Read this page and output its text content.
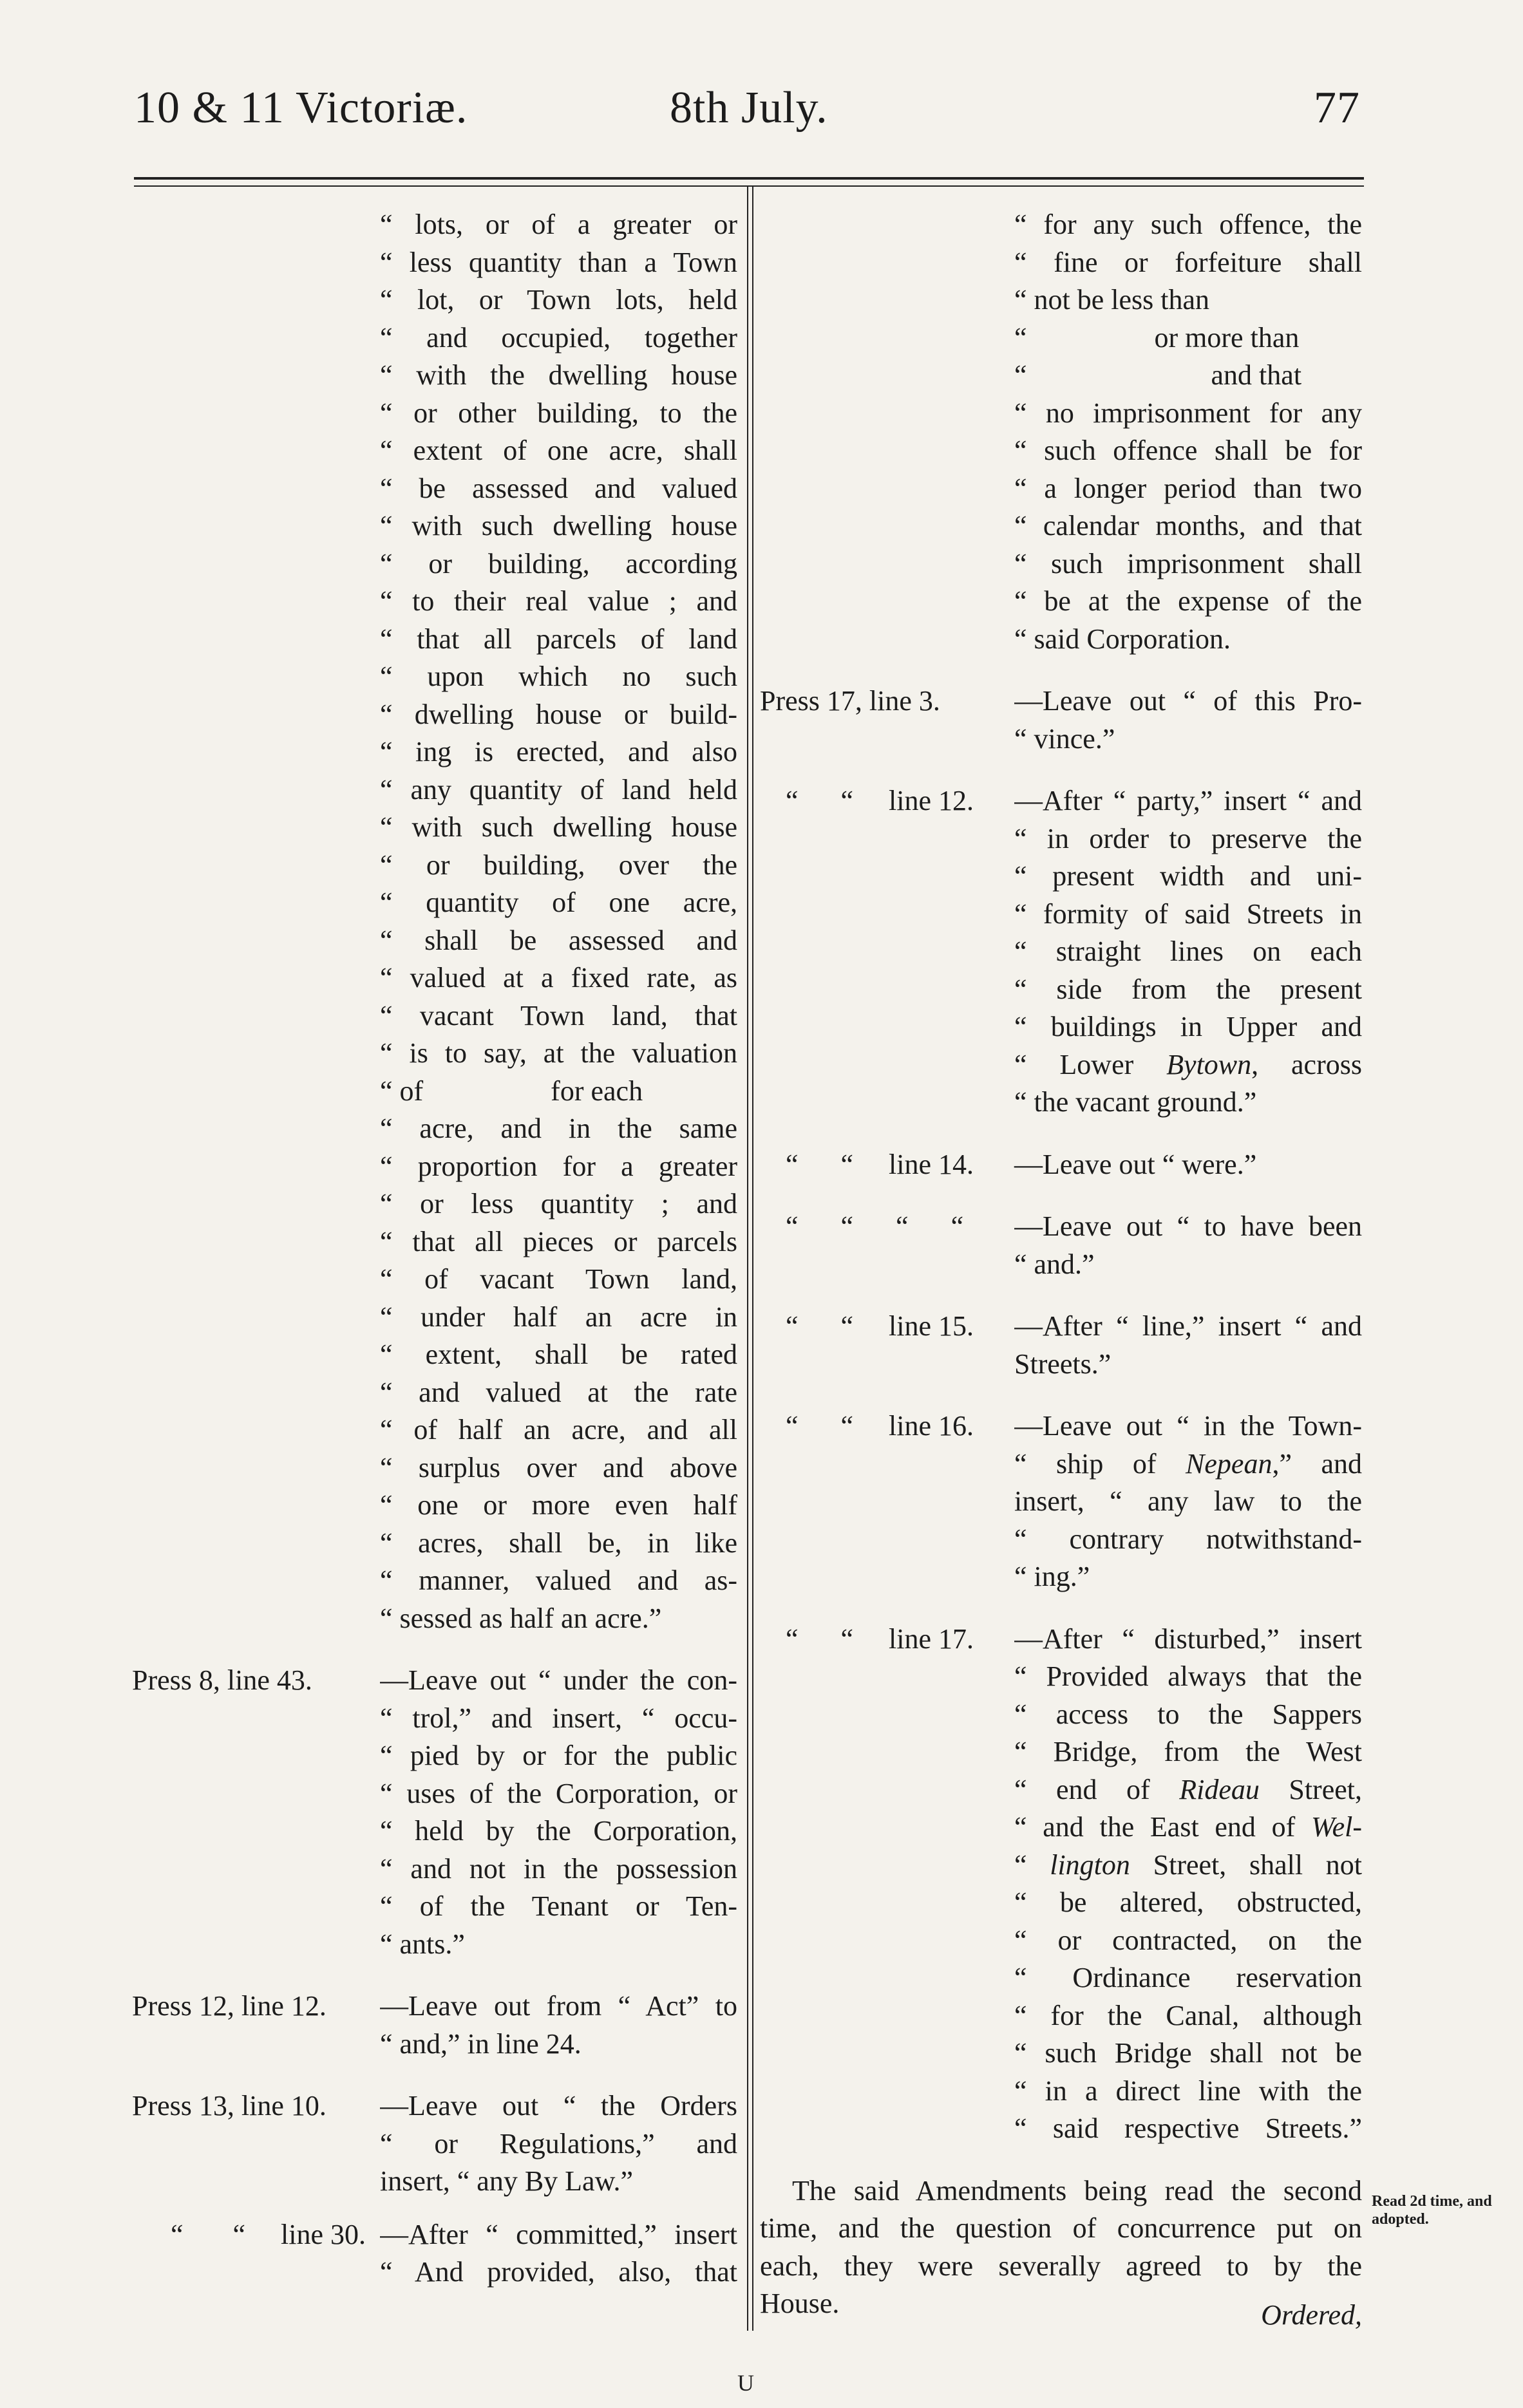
10 & 11 Victoriæ.	8th July.	77
“ lots, or of a greater or
“ less quantity than a Town
“ lot, or Town lots, held
“ and occupied, together
“ with the dwelling house
“ or other building, to the
“ extent of one acre, shall
“ be assessed and valued
“ with such dwelling house
“ or building, according
“ to their real value ; and
“ that all parcels of land
“ upon which no such
“ dwelling house or build-
“ ing is erected, and also
“ any quantity of land held
“ with such dwelling house
“ or building, over the
“ quantity of one acre,
“ shall be assessed and
“ valued at a fixed rate, as
“ vacant Town land, that
“ is to say, at the valuation
“ of                  for each
“ acre, and in the same
“ proportion for a greater
“ or less quantity ; and
“ that all pieces or parcels
“ of vacant Town land,
“ under half an acre in
“ extent, shall be rated
“ and valued at the rate
“ of half an acre, and all
“ surplus over and above
“ one or more even half
“ acres, shall be, in like
“ manner, valued and as-
“ sessed as half an acre.”
Press 8, line 43.	—Leave out “ under the con-
“ trol,” and insert, “ occu-
“ pied by or for the public
“ uses of the Corporation, or
“ held by the Corporation,
“ and not in the possession
“ of the Tenant or Ten-
“ ants.”
Press 12, line 12.	—Leave out from “ Act” to
“ and,” in line 24.
Press 13, line 10.	—Leave out “ the Orders
“ or Regulations,” and
insert, “ any By Law.”
“       “     line 30. —After “ committed,” insert
“ And provided, also, that
“ for any such offence, the
“ fine or forfeiture shall
“ not be less than
“                  or more than
“                          and that
“ no imprisonment for any
“ such offence shall be for
“ a longer period than two
“ calendar months, and that
“ such imprisonment shall
“ be at the expense of the
“ said Corporation.
Press 17, line 3.	—Leave out “ of this Pro-
“ vince.”
“      “     line 12.	—After “ party,” insert “ and
“ in order to preserve the
“ present width and uni-
“ formity of said Streets in
“ straight lines on each
“ side from the present
“ buildings in Upper and
“ Lower Bytown, across
“ the vacant ground.”
“      “     line 14.	—Leave out “ were.”
“      “      “      “	—Leave out “ to have been
“ and.”
“      “     line 15.	—After “ line,” insert “ and
Streets.”
“      “     line 16.	—Leave out “ in the Town-
“ ship of Nepean,” and
insert, “ any law to the
“ contrary notwithstand-
“ ing.”
“      “     line 17.	—After “ disturbed,” insert
“ Provided always that the
“ access to the Sappers
“ Bridge, from the West
“ end of Rideau Street,
“ and the East end of Wel-
“ lington Street, shall not
“ be altered, obstructed,
“ or contracted, on the
“ Ordinance reservation
“ for the Canal, although
“ such Bridge shall not be
“ in a direct line with the
“ said respective Streets.”
The said Amendments being read the second
time, and the question of concurrence put on
each, they were severally agreed to by the
House.
Read 2d time, and adopted.
Ordered,
U
